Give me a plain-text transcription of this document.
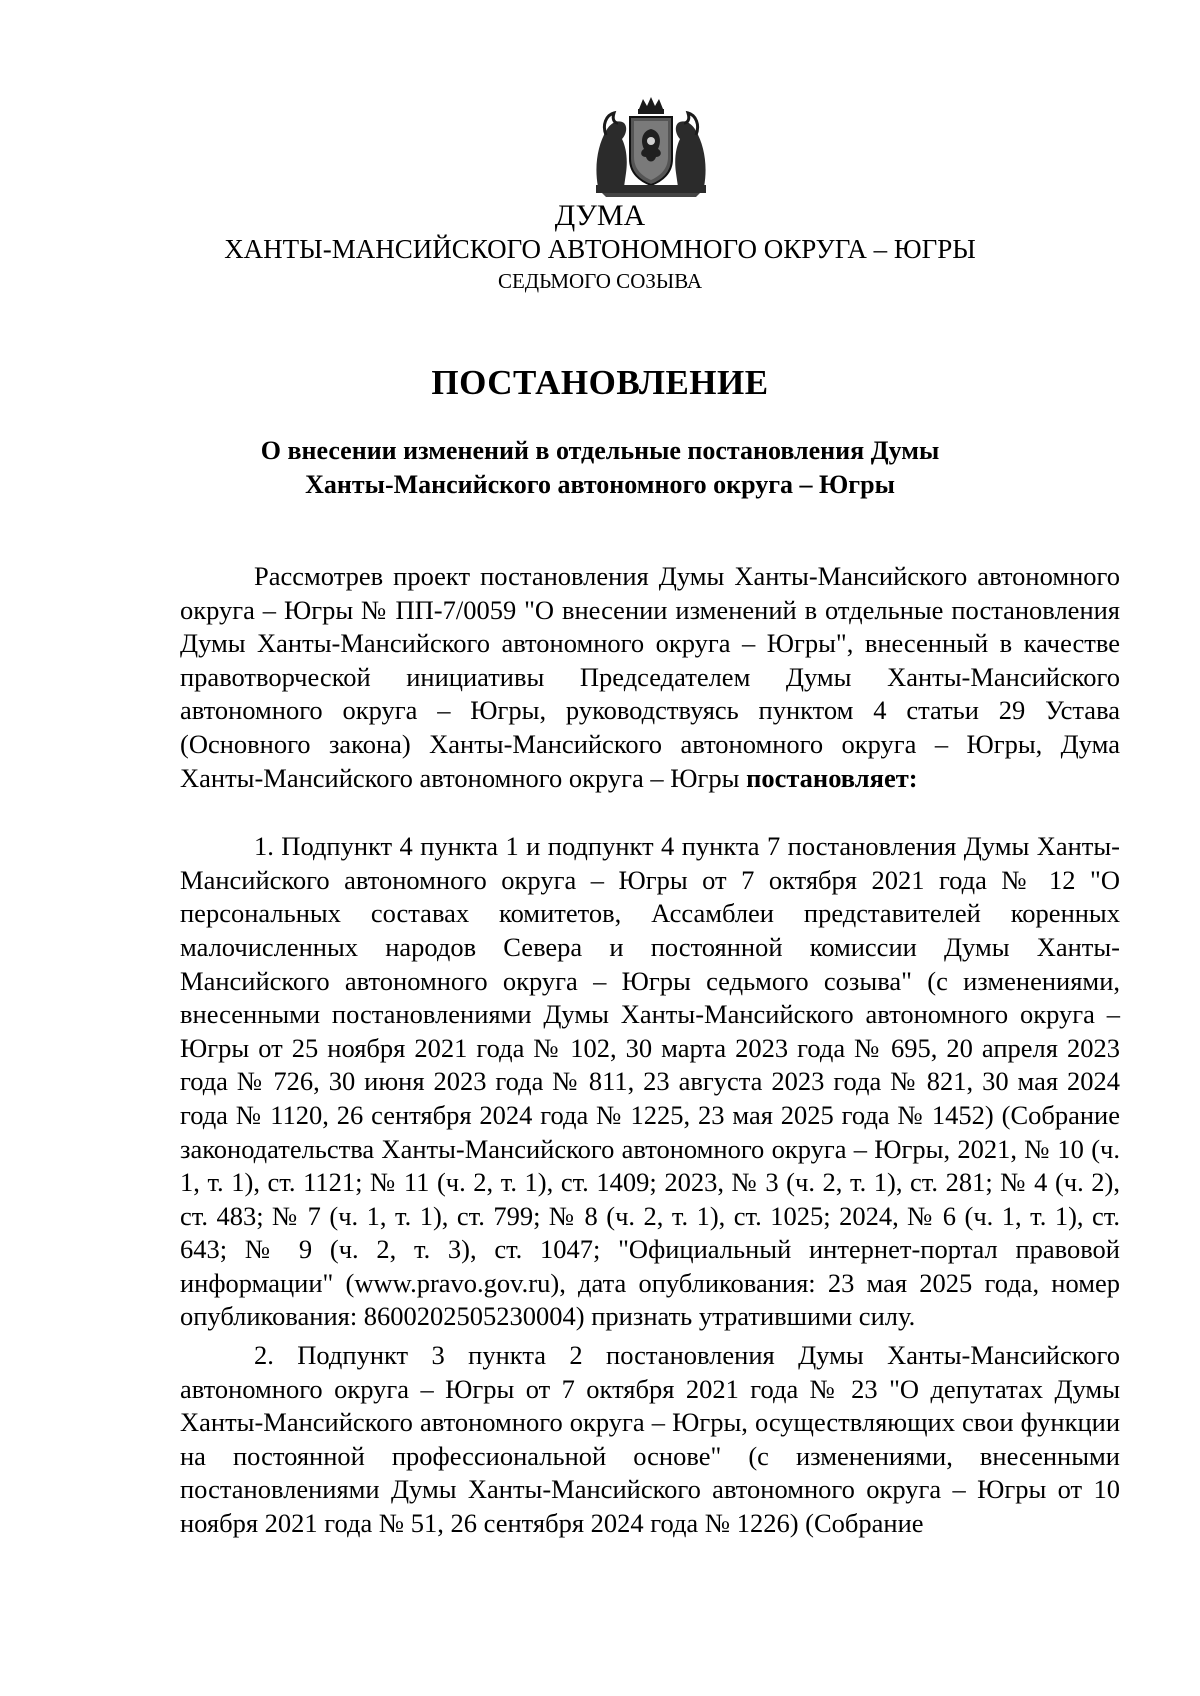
ДУМА
ХАНТЫ-МАНСИЙСКОГО АВТОНОМНОГО ОКРУГА – ЮГРЫ
СЕДЬМОГО СОЗЫВА
ПОСТАНОВЛЕНИЕ
О внесении изменений в отдельные постановления Думы
Ханты-Мансийского автономного округа – Югры

Рассмотрев проект постановления Думы Ханты-Мансийского автономного округа – Югры № ПП-7/0059 "О внесении изменений в отдельные постановления Думы Ханты-Мансийского автономного округа – Югры", внесенный в качестве правотворческой инициативы Председателем Думы Ханты-Мансийского автономного округа – Югры, руководствуясь пунктом 4 статьи 29 Устава (Основного закона) Ханты-Мансийского автономного округа – Югры, Дума Ханты-Мансийского автономного округа – Югры постановляет:

1. Подпункт 4 пункта 1 и подпункт 4 пункта 7 постановления Думы Ханты-Мансийского автономного округа – Югры от 7 октября 2021 года № 12 "О персональных составах комитетов, Ассамблеи представителей коренных малочисленных народов Севера и постоянной комиссии Думы Ханты-Мансийского автономного округа – Югры седьмого созыва" (с изменениями, внесенными постановлениями Думы Ханты-Мансийского автономного округа – Югры от 25 ноября 2021 года № 102, 30 марта 2023 года № 695, 20 апреля 2023 года № 726, 30 июня 2023 года № 811, 23 августа 2023 года № 821, 30 мая 2024 года № 1120, 26 сентября 2024 года № 1225, 23 мая 2025 года № 1452) (Собрание законодательства Ханты-Мансийского автономного округа – Югры, 2021, № 10 (ч. 1, т. 1), ст. 1121; № 11 (ч. 2, т. 1), ст. 1409; 2023, № 3 (ч. 2, т. 1), ст. 281; № 4 (ч. 2), ст. 483; № 7 (ч. 1, т. 1), ст. 799; № 8 (ч. 2, т. 1), ст. 1025; 2024, № 6 (ч. 1, т. 1), ст. 643; № 9 (ч. 2, т. 3), ст. 1047; "Официальный интернет-портал правовой информации" (www.pravo.gov.ru), дата опубликования: 23 мая 2025 года, номер опубликования: 8600202505230004) признать утратившими силу.

2. Подпункт 3 пункта 2 постановления Думы Ханты-Мансийского автономного округа – Югры от 7 октября 2021 года № 23 "О депутатах Думы Ханты-Мансийского автономного округа – Югры, осуществляющих свои функции на постоянной профессиональной основе" (с изменениями, внесенными постановлениями Думы Ханты-Мансийского автономного округа – Югры от 10 ноября 2021 года № 51, 26 сентября 2024 года № 1226) (Собрание
